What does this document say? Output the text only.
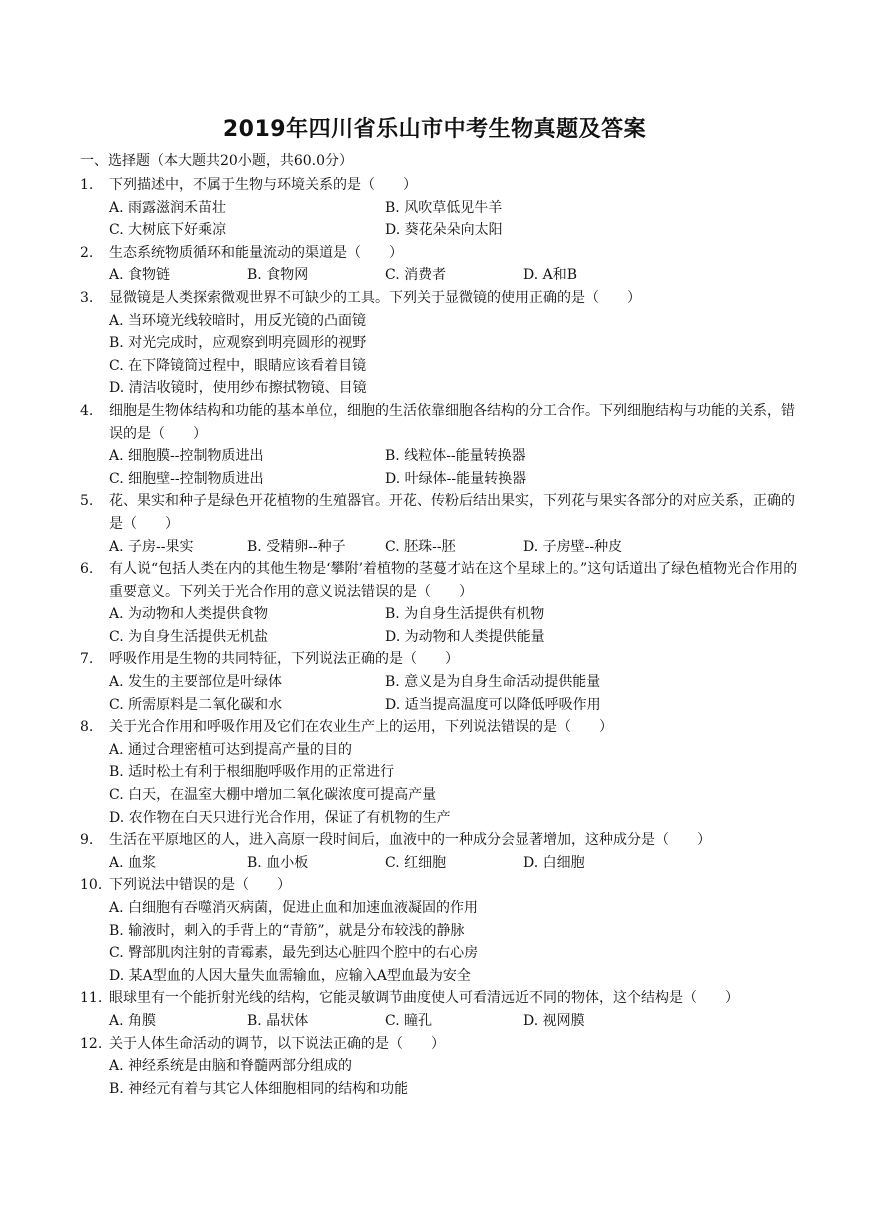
2019年四川省乐山市中考生物真题及答案
一、选择题（本大题共20小题，共60.0分）
1.	下列描述中，不属于生物与环境关系的是（　　）
A. 雨露滋润禾苗壮	B. 风吹草低见牛羊
C. 大树底下好乘凉	D. 葵花朵朵向太阳
2.	生态系统物质循环和能量流动的渠道是（　　）
A. 食物链	B. 食物网	C. 消费者	D. A和B
3.	显微镜是人类探索微观世界不可缺少的工具。下列关于显微镜的使用正确的是（　　）
A. 当环境光线较暗时，用反光镜的凸面镜
B. 对光完成时，应观察到明亮圆形的视野
C. 在下降镜筒过程中，眼睛应该看着目镜
D. 清洁收镜时，使用纱布擦拭物镜、目镜
4.	细胞是生物体结构和功能的基本单位，细胞的生活依靠细胞各结构的分工合作。下列细胞结构与功能的关系，错误的是（　　）
A. 细胞膜--控制物质进出	B. 线粒体--能量转换器
C. 细胞壁--控制物质进出	D. 叶绿体--能量转换器
5.	花、果实和种子是绿色开花植物的生殖器官。开花、传粉后结出果实，下列花与果实各部分的对应关系，正确的是（　　）
A. 子房--果实	B. 受精卵--种子	C. 胚珠--胚	D. 子房壁--种皮
6.	有人说“包括人类在内的其他生物是‘攀附’着植物的茎蔓才站在这个星球上的。”这句话道出了绿色植物光合作用的重要意义。下列关于光合作用的意义说法错误的是（　　）
A. 为动物和人类提供食物	B. 为自身生活提供有机物
C. 为自身生活提供无机盐	D. 为动物和人类提供能量
7.	呼吸作用是生物的共同特征，下列说法正确的是（　　）
A. 发生的主要部位是叶绿体	B. 意义是为自身生命活动提供能量
C. 所需原料是二氧化碳和水	D. 适当提高温度可以降低呼吸作用
8.	关于光合作用和呼吸作用及它们在农业生产上的运用，下列说法错误的是（　　）
A. 通过合理密植可达到提高产量的目的
B. 适时松土有利于根细胞呼吸作用的正常进行
C. 白天，在温室大棚中增加二氧化碳浓度可提高产量
D. 农作物在白天只进行光合作用，保证了有机物的生产
9.	生活在平原地区的人，进入高原一段时间后，血液中的一种成分会显著增加，这种成分是（　　）
A. 血浆	B. 血小板	C. 红细胞	D. 白细胞
10. 下列说法中错误的是（　　）
A. 白细胞有吞噬消灭病菌，促进止血和加速血液凝固的作用
B. 输液时，刺入的手背上的“青筋”，就是分布较浅的静脉
C. 臀部肌肉注射的青霉素，最先到达心脏四个腔中的右心房
D. 某A型血的人因大量失血需输血，应输入A型血最为安全
11. 眼球里有一个能折射光线的结构，它能灵敏调节曲度使人可看清远近不同的物体，这个结构是（　　）
A. 角膜	B. 晶状体	C. 瞳孔	D. 视网膜
12. 关于人体生命活动的调节，以下说法正确的是（　　）
A. 神经系统是由脑和脊髓两部分组成的
B. 神经元有着与其它人体细胞相同的结构和功能
